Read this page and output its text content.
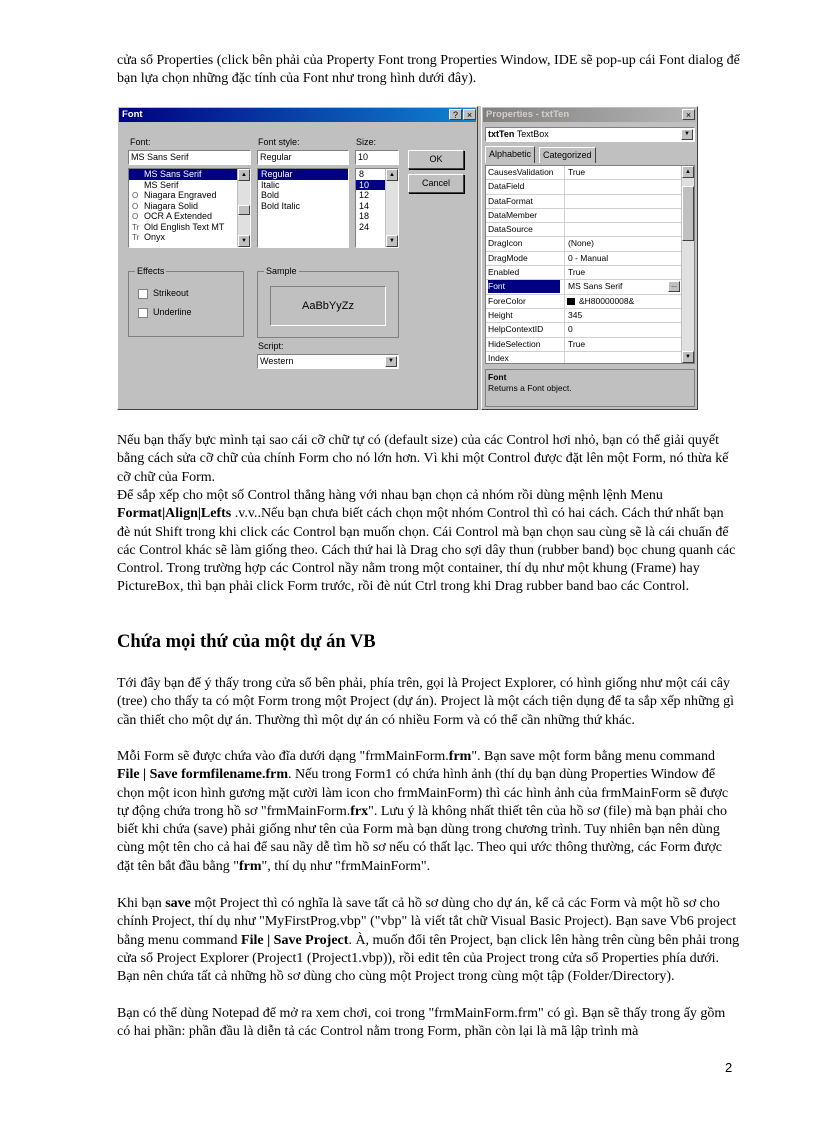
cửa sổ Properties (click bên phải của Property Font trong Properties Window, IDE sẽ pop-up cái Font dialog để bạn lựa chọn những đặc tính của Font như trong hình dưới đây).

Font	? ×
Font:
MS Sans Serif
MS Sans Serif
MS Serif
O Niagara Engraved
O Niagara Solid
O OCR A Extended
Tr Old English Text MT
Tr Onyx
▲
▼
Font style:
Regular
Regular
Italic
Bold
Bold Italic
Size:
10
8
10
12
14
18
24
▲
▼
OK
Cancel
Effects
Strikeout
Underline
Sample
AaBbYyZz
Script:
Western	▼
Properties - txtTen	×
txtTen TextBox	▼
Alphabetic	Categorized
CausesValidation	True
DataField
DataFormat
DataMember
DataSource
DragIcon	(None)
DragMode	0 - Manual
Enabled	True
Font	MS Sans Serif	...
ForeColor	&H80000008&
Height	345
HelpContextID	0
HideSelection	True
Index
▲
▼
Font
Returns a Font object.

Nếu bạn thấy bực mình tại sao cái cỡ chữ tự có (default size) của các Control hơi nhỏ, bạn có thể giải quyết bằng cách sửa cỡ chữ của chính Form cho nó lớn hơn. Vì khi một Control được đặt lên một Form, nó thừa kế cỡ chữ của Form.

Để sắp xếp cho một số Control thẳng hàng với nhau bạn chọn cả nhóm rồi dùng mệnh lệnh Menu Format|Align|Lefts .v.v..Nếu bạn chưa biết cách chọn một nhóm Control thì có hai cách. Cách thứ nhất bạn đè nút Shift trong khi click các Control bạn muốn chọn. Cái Control mà bạn chọn sau cùng sẽ là cái chuẩn để các Control khác sẽ làm giống theo. Cách thứ hai là Drag cho sợi dây thun (rubber band) bọc chung quanh các Control. Trong trường hợp các Control nầy nằm trong một container, thí dụ như một khung (Frame) hay PictureBox, thì bạn phải click Form trước, rồi đè nút Ctrl trong khi Drag rubber band bao các Control.

Chứa mọi thứ của một dự án VB

Tới đây bạn để ý thấy trong cửa sổ bên phải, phía trên, gọi là Project Explorer, có hình giống như một cái cây (tree) cho thấy ta có một Form trong một Project (dự án). Project là một cách tiện dụng để ta sắp xếp những gì cần thiết cho một dự án. Thường thì một dự án có nhiều Form và có thể cần những thứ khác.

Mỗi Form sẽ được chứa vào đĩa dưới dạng "frmMainForm.frm". Bạn save một form bằng menu command File | Save formfilename.frm. Nếu trong Form1 có chứa hình ảnh (thí dụ bạn dùng Properties Window để chọn một icon hình gương mặt cười làm icon cho frmMainForm) thì các hình ảnh của frmMainForm sẽ được tự động chứa trong hồ sơ "frmMainForm.frx". Lưu ý là không nhất thiết tên của hồ sơ (file) mà bạn phải cho biết khi chứa (save) phải giống như tên của Form mà bạn dùng trong chương trình. Tuy nhiên bạn nên dùng cùng một tên cho cả hai để sau nầy dễ tìm hồ sơ nếu có thất lạc. Theo qui ước thông thường, các Form được đặt tên bắt đầu bằng "frm", thí dụ như "frmMainForm".

Khi bạn save một Project thì có nghĩa là save tất cả hồ sơ dùng cho dự án, kể cả các Form và một hồ sơ cho chính Project, thí dụ như "MyFirstProg.vbp" ("vbp" là viết tắt chữ Visual Basic Project). Bạn save Vb6 project bằng menu command File | Save Project. À, muốn đổi tên Project, bạn click lên hàng trên cùng bên phải trong cửa sổ Project Explorer (Project1 (Project1.vbp)), rồi edit tên của Project trong cửa sổ Properties phía dưới. Bạn nên chứa tất cả những hồ sơ dùng cho cùng một Project trong cùng một tập (Folder/Directory).

Bạn có thể dùng Notepad để mở ra xem chơi, coi trong "frmMainForm.frm" có gì. Bạn sẽ thấy trong ấy gồm có hai phần: phần đầu là diễn tả các Control nằm trong Form, phần còn lại là mã lập trình mà

2
